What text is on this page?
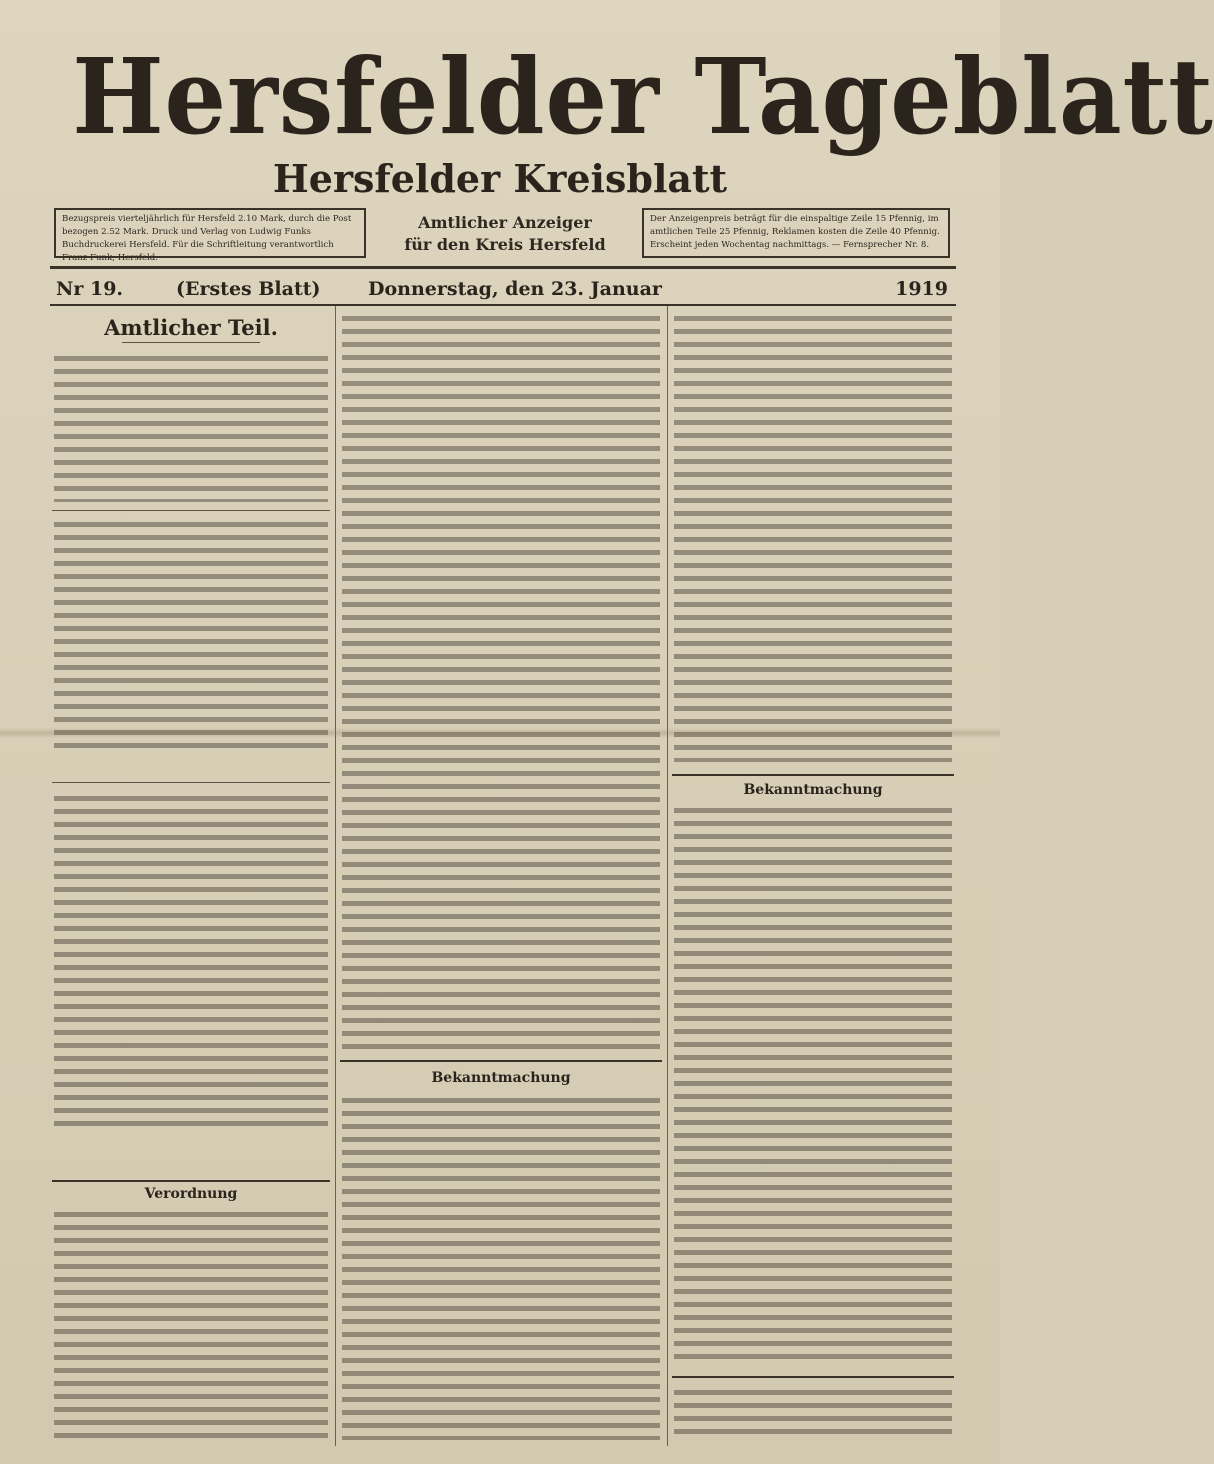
Hersfelder Tageblatt
Hersfelder Kreisblatt
Bezugspreis vierteljährlich für Hersfeld 2.10 Mark, durch die Post bezogen 2.52 Mark. Druck und Verlag von Ludwig Funks Buchdruckerei Hersfeld. Für die Schriftleitung verantwortlich Franz Funk, Hersfeld.
Amtlicher Anzeiger
für den Kreis Hersfeld
Der Anzeigenpreis beträgt für die einspaltige Zeile 15 Pfennig, im amtlichen Teile 25 Pfennig, Reklamen kosten die Zeile 40 Pfennig. Erscheint jeden Wochentag nachmittags. — Fernsprecher Nr. 8.
Nr 19.	(Erstes Blatt)	Donnerstag, den 23. Januar	1919
Amtlicher Teil.
Verordnung
Bekanntmachung
Bekanntmachung
